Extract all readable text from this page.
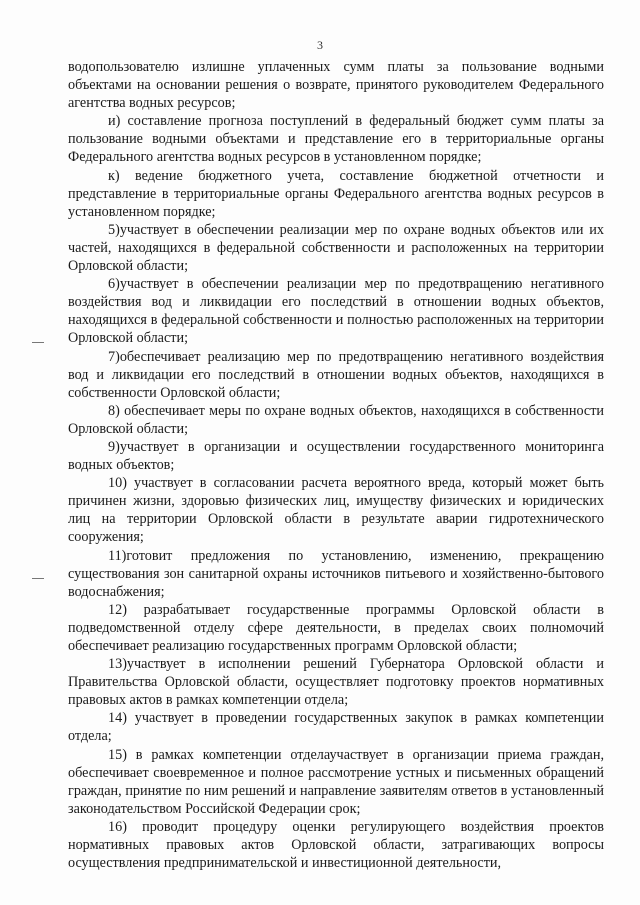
3

водопользователю излишне уплаченных сумм платы за пользование водными объектами на основании решения о возврате, принятого руководителем Федерального агентства водных ресурсов;

и) составление прогноза поступлений в федеральный бюджет сумм платы за пользование водными объектами и представление его в территориальные органы Федерального агентства водных ресурсов в установленном порядке;

к) ведение бюджетного учета, составление бюджетной отчетности и представление в территориальные органы Федерального агентства водных ресурсов в установленном порядке;

5)участвует в обеспечении реализации мер по охране водных объектов или их частей, находящихся в федеральной собственности и расположенных на территории Орловской области;

6)участвует в обеспечении реализации мер по предотвращению негативного воздействия вод и ликвидации его последствий в отношении водных объектов, находящихся в федеральной собственности и полностью расположенных на территории Орловской области;

7)обеспечивает реализацию мер по предотвращению негативного воздействия вод и ликвидации его последствий в отношении водных объектов, находящихся в собственности Орловской области;

8) обеспечивает меры по охране водных объектов, находящихся в собственности Орловской области;

9)участвует в организации и осуществлении государственного мониторинга водных объектов;

10) участвует в согласовании расчета вероятного вреда, который может быть причинен жизни, здоровью физических лиц, имуществу физических и юридических лиц на территории Орловской области в результате аварии гидротехнического сооружения;

11)готовит предложения по установлению, изменению, прекращению существования зон санитарной охраны источников питьевого и хозяйственно-бытового водоснабжения;

12) разрабатывает государственные программы Орловской области в подведомственной отделу сфере деятельности, в пределах своих полномочий обеспечивает реализацию государственных программ Орловской области;

13)участвует в исполнении решений Губернатора Орловской области и Правительства Орловской области, осуществляет подготовку проектов нормативных правовых актов в рамках компетенции отдела;

14) участвует в проведении государственных закупок в рамках компетенции отдела;

15) в рамках компетенции отделаучаствует в организации приема граждан, обеспечивает своевременное и полное рассмотрение устных и письменных обращений граждан, принятие по ним решений и направление заявителям ответов в установленный законодательством Российской Федерации срок;

16) проводит процедуру оценки регулирующего воздействия проектов нормативных правовых актов Орловской области, затрагивающих вопросы осуществления предпринимательской и инвестиционной деятельности,
